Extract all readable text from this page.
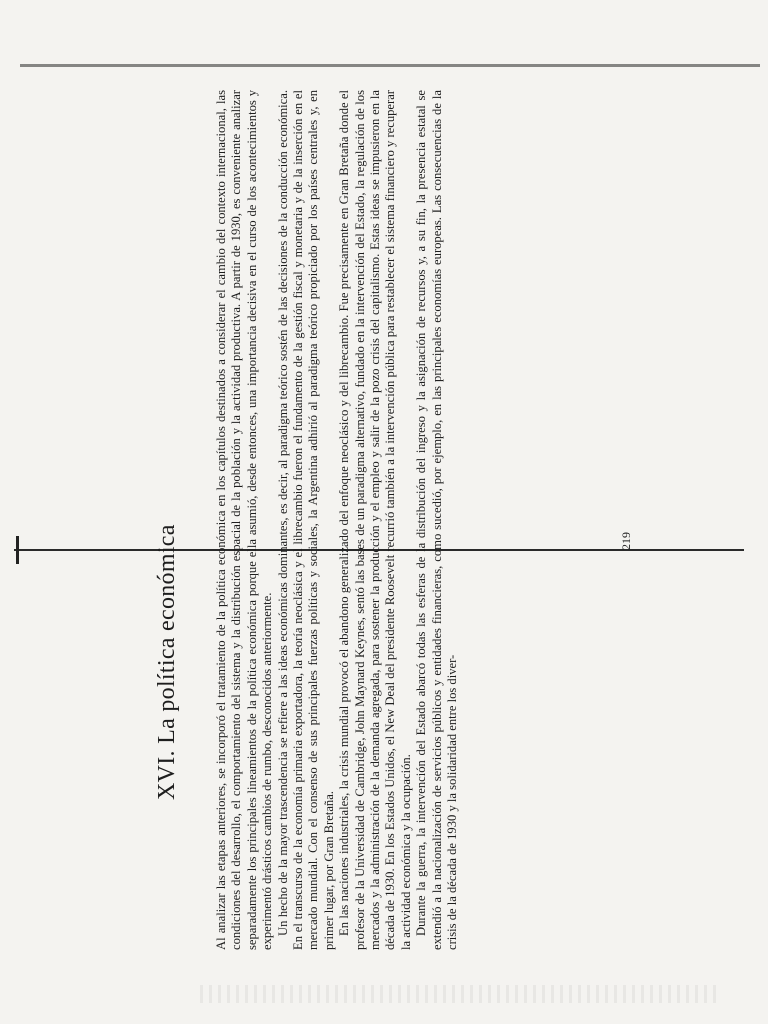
XVI. La política económica	Al analizar las etapas anteriores, se incorporó el tratamiento de la política económica en los capítulos destinados a considerar el cambio del contexto internacional, las condiciones del desarrollo, el comportamiento del sistema y la distribución espacial de la población y la actividad productiva. A partir de 1930, es conveniente analizar separadamente los principales lineamientos de la política económica porque ella asumió, desde entonces, una importancia decisiva en el curso de los acontecimientos y experimentó drásticos cambios de rumbo, desconocidos anteriormente. Un hecho de la mayor trascendencia se refiere a las ideas económicas dominantes, es decir, al paradigma teórico sostén de las decisiones de la conducción económica. En el transcurso de la economía primaria exportadora, la teoría neoclásica y el librecambio fueron el fundamento de la gestión fiscal y monetaria y de la inserción en el mercado mundial. Con el consenso de sus principales fuerzas políticas y sociales, la Argentina adhirió al paradigma teórico propiciado por los países centrales y, en primer lugar, por Gran Bretaña. En las naciones industriales, la crisis mundial provocó el abandono generalizado del enfoque neoclásico y del librecambio. Fue precisamente en Gran Bretaña donde el profesor de la Universidad de Cambridge, John Maynard Keynes, sentó las bases de un paradigma alternativo, fundado en la intervención del Estado, la regulación de los mercados y la administración de la demanda agregada, para sostener la producción y el empleo y salir de la pozo crisis del capitalismo. Estas ideas se impusieron en la década de 1930. En los Estados Unidos, el New Deal del presidente Roosevelt recurrió también a la intervención pública para restablecer el sistema financiero y recuperar la actividad económica y la ocupación. Durante la guerra, la intervención del Estado abarcó todas las esferas de la distribución del ingreso y la asignación de recursos y, a su fin, la presencia estatal se extendió a la nacionalización de servicios públicos y entidades financieras, como sucedió, por ejemplo, en las principales economías europeas. Las consecuencias de la crisis de la década de 1930 y la solidaridad entre los diver-

219
